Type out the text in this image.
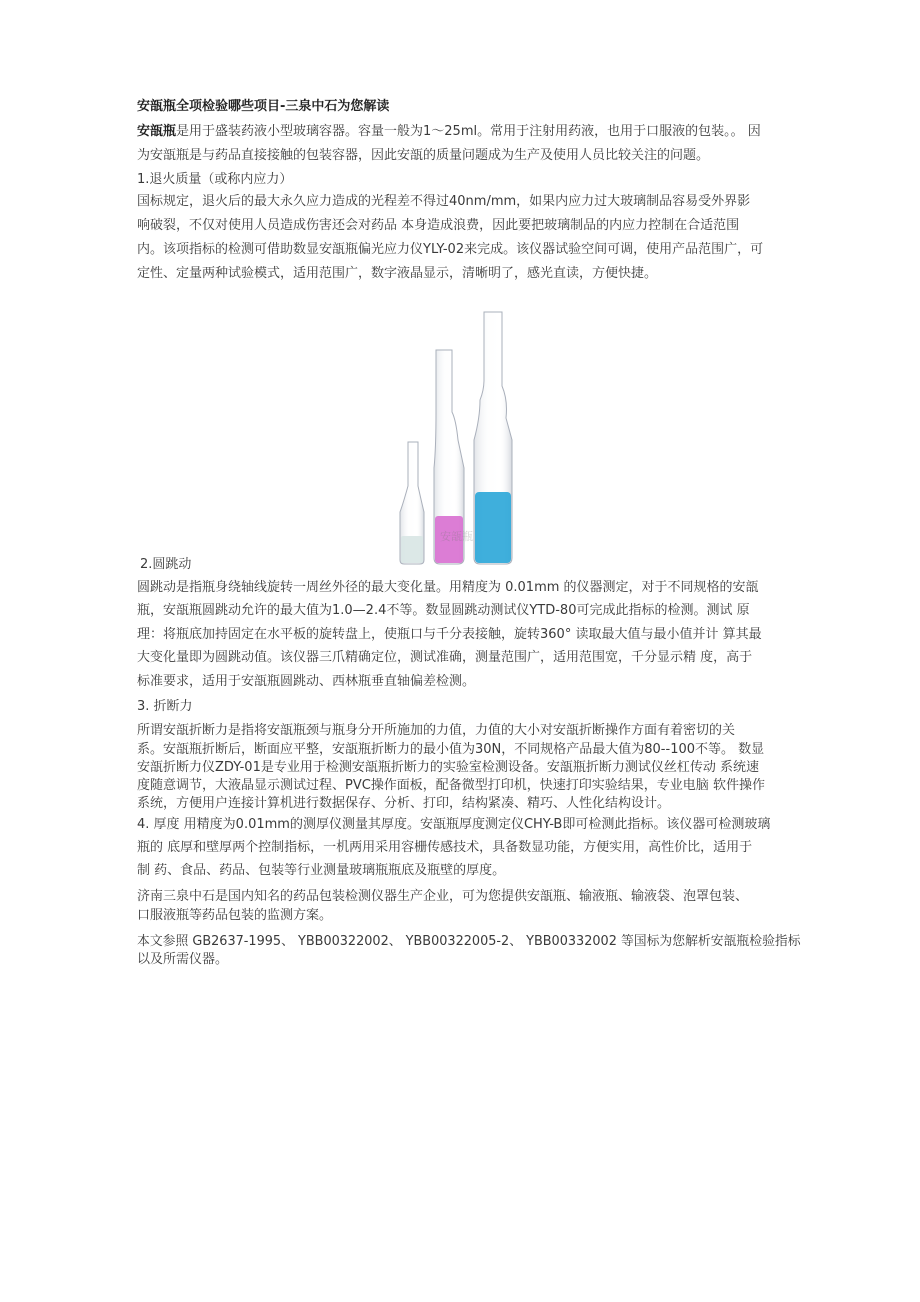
安瓿瓶全项检验哪些项目-三泉中石为您解读
安瓿瓶是用于盛装药液小型玻璃容器。容量一般为1～25ml。常用于注射用药液，也用于口服液的包装。。 因
为安瓿瓶是与药品直接接触的包装容器，因此安瓿的质量问题成为生产及使用人员比较关注的问题。
1.退火质量（或称内应力）
国标规定，退火后的最大永久应力造成的光程差不得过40nm/mm，如果内应力过大玻璃制品容易受外界影
响破裂，不仅对使用人员造成伤害还会对药品 本身造成浪费，因此要把玻璃制品的内应力控制在合适范围
内。该项指标的检测可借助数显安瓿瓶偏光应力仪YLY-02来完成。该仪器试验空间可调，使用产品范围广，可
定性、定量两种试验模式，适用范围广，数字液晶显示，清晰明了，感光直读，方便快捷。
安瓿瓶
2.圆跳动
圆跳动是指瓶身绕轴线旋转一周丝外径的最大变化量。用精度为 0.01mm 的仪器测定，对于不同规格的安瓿
瓶，安瓿瓶圆跳动允许的最大值为1.0—2.4不等。数显圆跳动测试仪YTD-80可完成此指标的检测。测试 原
理：将瓶底加持固定在水平板的旋转盘上，使瓶口与千分表接触，旋转360° 读取最大值与最小值并计 算其最
大变化量即为圆跳动值。该仪器三爪精确定位，测试准确，测量范围广，适用范围宽，千分显示精 度，高于
标准要求，适用于安瓿瓶圆跳动、西林瓶垂直轴偏差检测。
3. 折断力
所谓安瓿折断力是指将安瓿瓶颈与瓶身分开所施加的力值，力值的大小对安瓿折断操作方面有着密切的关
系。安瓿瓶折断后，断面应平整，安瓿瓶折断力的最小值为30N，不同规格产品最大值为80--100不等。 数显
安瓿折断力仪ZDY-01是专业用于检测安瓿瓶折断力的实验室检测设备。安瓿瓶折断力测试仪丝杠传动 系统速
度随意调节，大液晶显示测试过程、PVC操作面板，配备微型打印机，快速打印实验结果，专业电脑 软件操作
系统，方便用户连接计算机进行数据保存、分析、打印，结构紧凑、精巧、人性化结构设计。
4. 厚度 用精度为0.01mm的测厚仪测量其厚度。安瓿瓶厚度测定仪CHY-B即可检测此指标。该仪器可检测玻璃
瓶的 底厚和壁厚两个控制指标，一机两用采用容栅传感技术，具备数显功能，方便实用，高性价比，适用于
制 药、食品、药品、包装等行业测量玻璃瓶瓶底及瓶壁的厚度。
济南三泉中石是国内知名的药品包装检测仪器生产企业，可为您提供安瓿瓶、输液瓶、输液袋、泡罩包装、
口服液瓶等药品包装的监测方案。
本文参照 GB2637-1995、 YBB00322002、 YBB00322005-2、 YBB00332002 等国标为您解析安瓿瓶检验指标
以及所需仪器。
